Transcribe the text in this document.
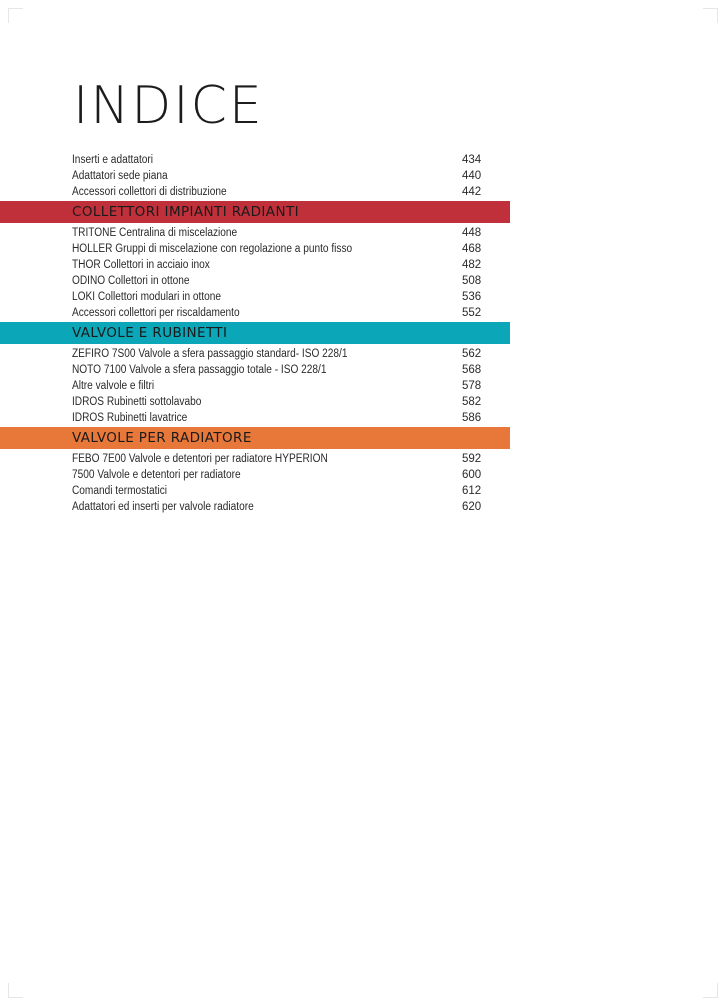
INDICE
Inserti e adattatori	434
Adattatori sede piana	440
Accessori collettori di distribuzione	442
COLLETTORI IMPIANTI RADIANTI
TRITONE Centralina di miscelazione	448
HOLLER Gruppi di miscelazione con regolazione a punto fisso	468
THOR Collettori in acciaio inox	482
ODINO Collettori in ottone	508
LOKI Collettori modulari in ottone	536
Accessori collettori per riscaldamento	552
VALVOLE E RUBINETTI
ZEFIRO 7S00 Valvole a sfera passaggio standard- ISO 228/1	562
NOTO 7100 Valvole a sfera passaggio totale - ISO 228/1	568
Altre valvole e filtri	578
IDROS Rubinetti sottolavabo	582
IDROS Rubinetti lavatrice	586
VALVOLE PER RADIATORE
FEBO 7E00 Valvole e detentori per radiatore HYPERION	592
7500 Valvole e detentori per radiatore	600
Comandi termostatici	612
Adattatori ed inserti per valvole radiatore	620
